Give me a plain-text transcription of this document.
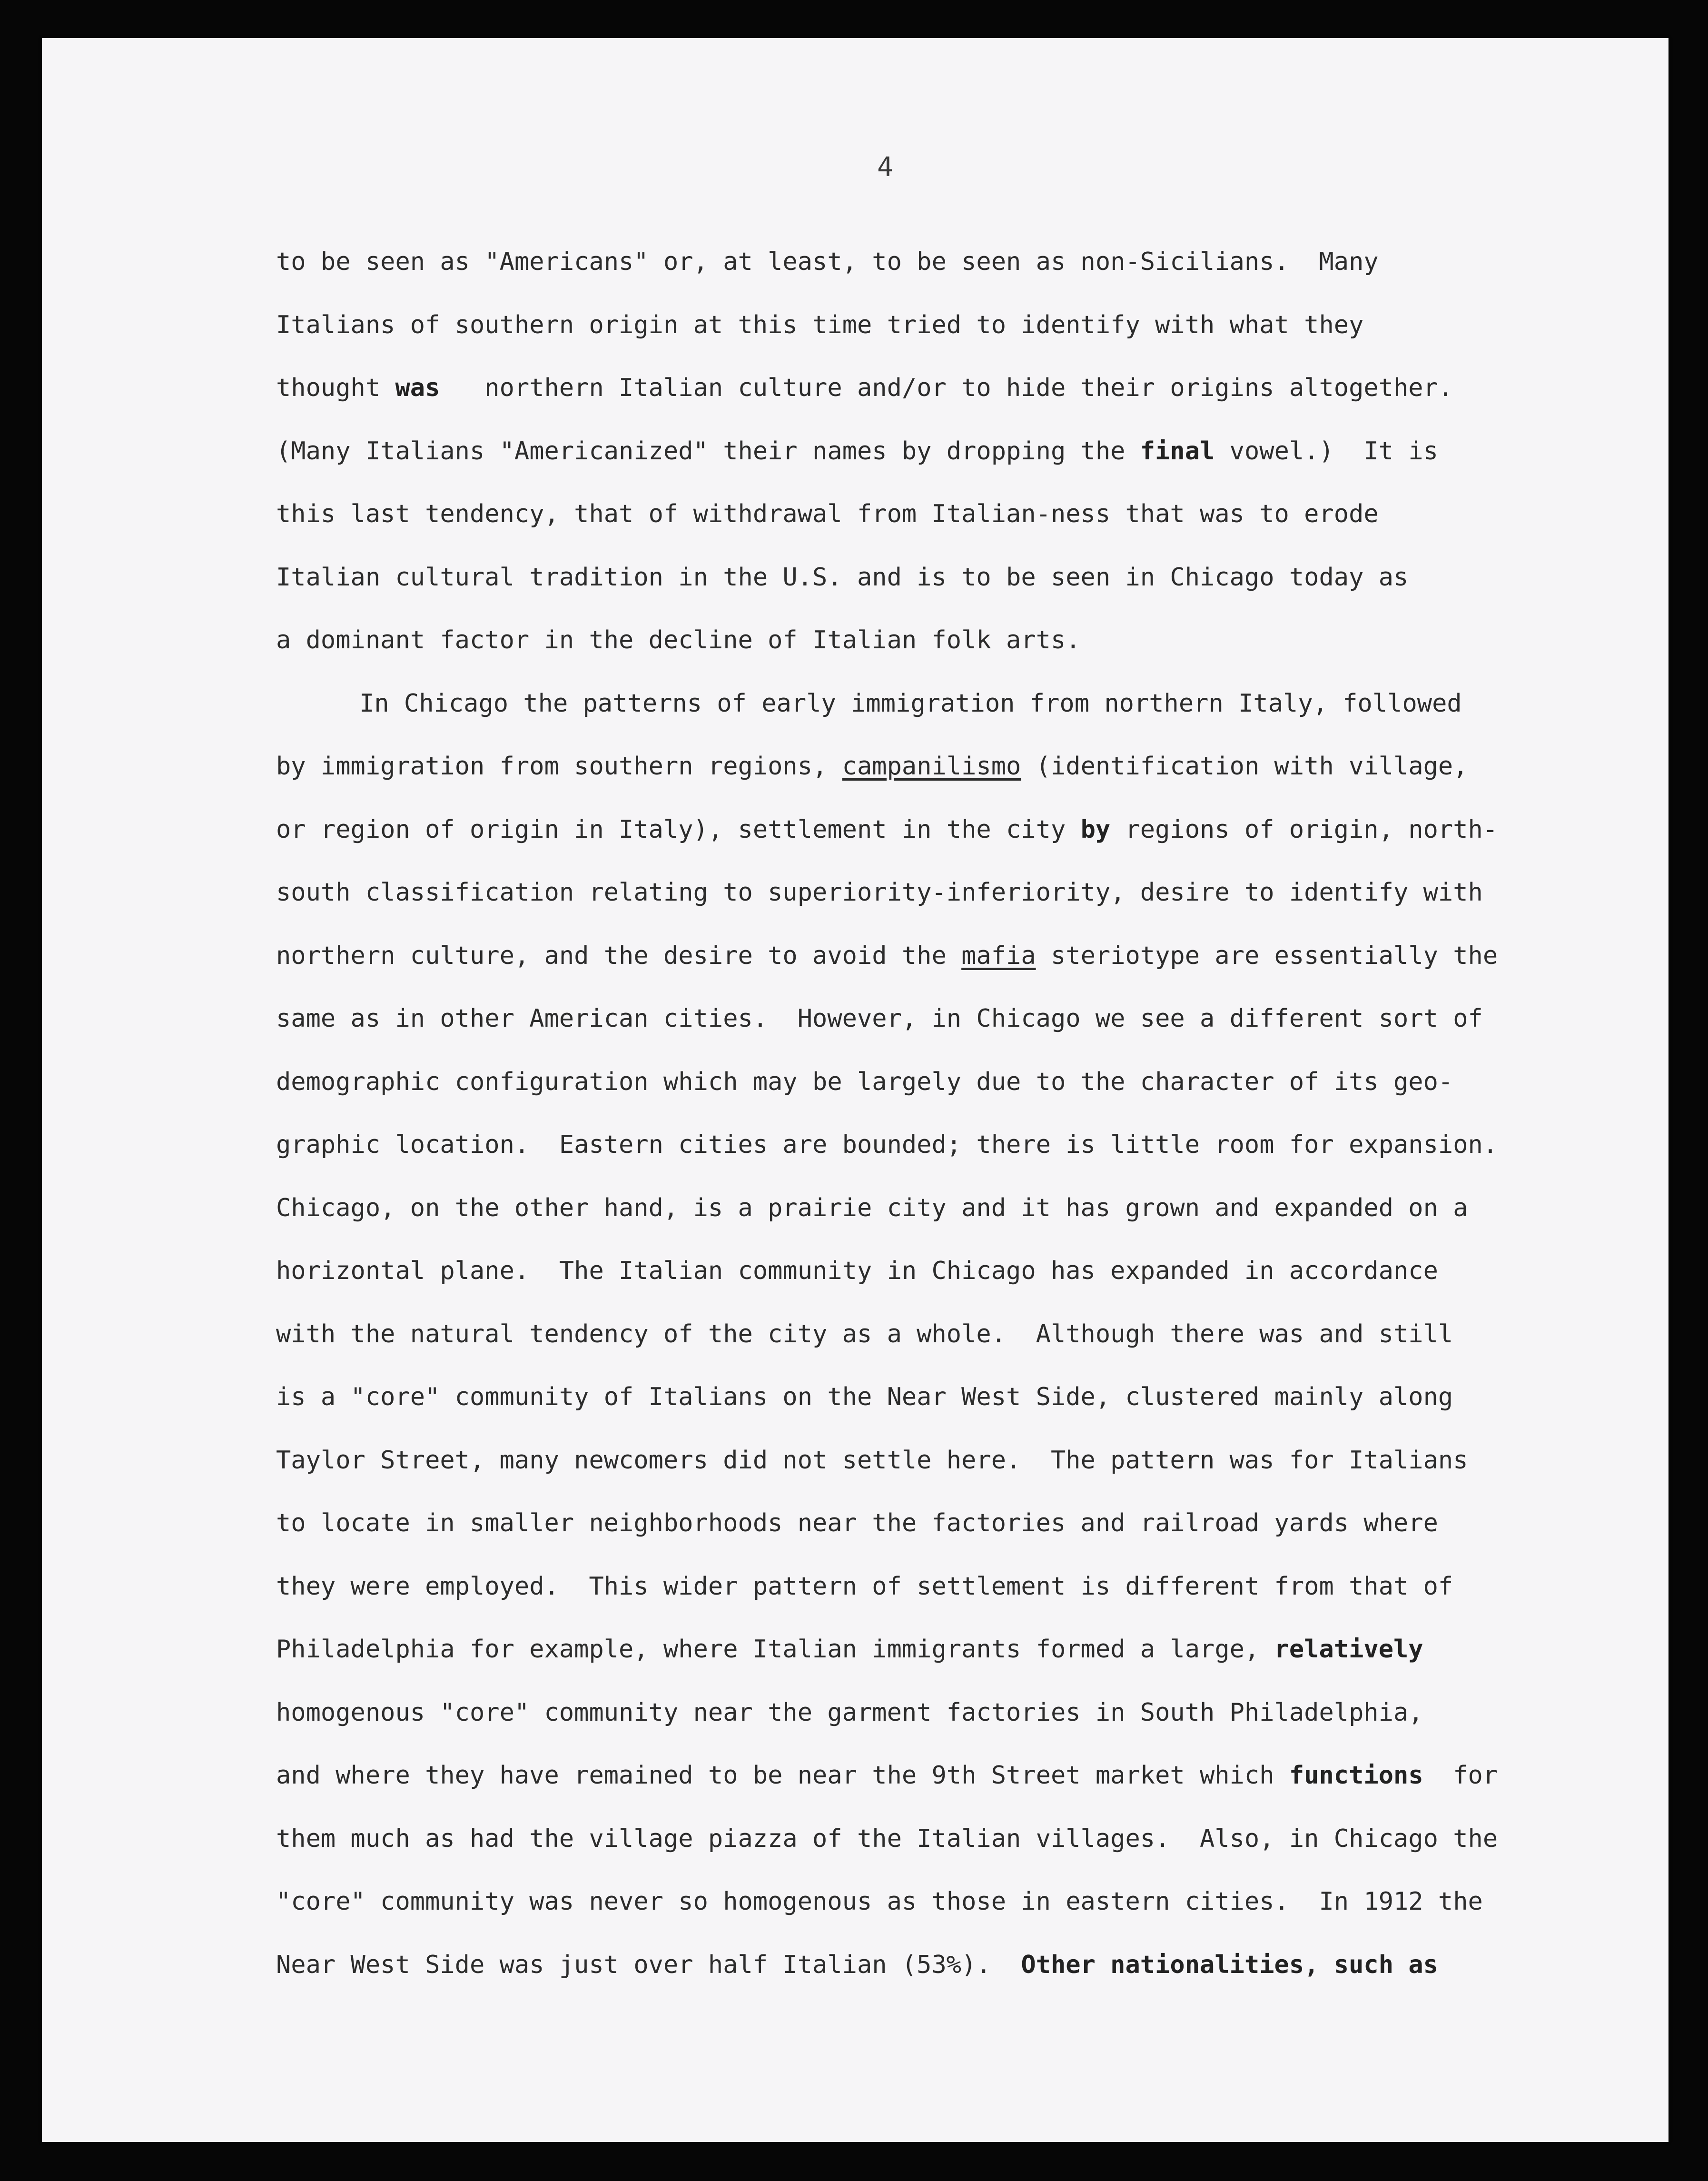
4
to be seen as "Americans" or, at least, to be seen as non-Sicilians.  Many
Italians of southern origin at this time tried to identify with what they
thought was   northern Italian culture and/or to hide their origins altogether.
(Many Italians "Americanized" their names by dropping the final vowel.)  It is
this last tendency, that of withdrawal from Italian-ness that was to erode
Italian cultural tradition in the U.S. and is to be seen in Chicago today as
a dominant factor in the decline of Italian folk arts.
In Chicago the patterns of early immigration from northern Italy, followed
by immigration from southern regions, campanilismo (identification with village,
or region of origin in Italy), settlement in the city by regions of origin, north-
south classification relating to superiority-inferiority, desire to identify with
northern culture, and the desire to avoid the mafia steriotype are essentially the
same as in other American cities.  However, in Chicago we see a different sort of
demographic configuration which may be largely due to the character of its geo-
graphic location.  Eastern cities are bounded; there is little room for expansion.
Chicago, on the other hand, is a prairie city and it has grown and expanded on a
horizontal plane.  The Italian community in Chicago has expanded in accordance
with the natural tendency of the city as a whole.  Although there was and still
is a "core" community of Italians on the Near West Side, clustered mainly along
Taylor Street, many newcomers did not settle here.  The pattern was for Italians
to locate in smaller neighborhoods near the factories and railroad yards where
they were employed.  This wider pattern of settlement is different from that of
Philadelphia for example, where Italian immigrants formed a large, relatively
homogenous "core" community near the garment factories in South Philadelphia,
and where they have remained to be near the 9th Street market which functions  for
them much as had the village piazza of the Italian villages.  Also, in Chicago the
"core" community was never so homogenous as those in eastern cities.  In 1912 the
Near West Side was just over half Italian (53%).  Other nationalities, such as
